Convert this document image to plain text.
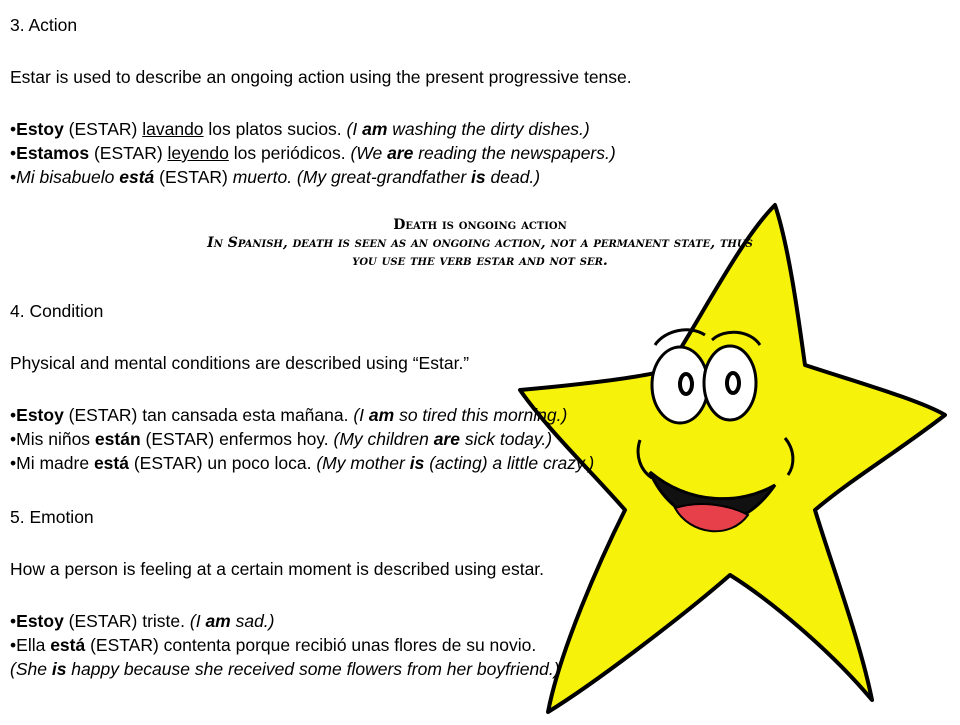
3. Action
Estar is used to describe an ongoing action using the present progressive tense.
•Estoy (ESTAR) lavando los platos sucios. (I am washing the dirty dishes.)
•Estamos (ESTAR) leyendo los periódicos. (We are reading the newspapers.)
•Mi bisabuelo está (ESTAR) muerto. (My great-grandfather is dead.)
Death is ongoing action
In Spanish, death is seen as an ongoing action, not a permanent state, thus
you use the verb estar and not ser.
4. Condition
Physical and mental conditions are described using “Estar.”
•Estoy (ESTAR) tan cansada esta mañana. (I am so tired this morning.)
•Mis niños están (ESTAR) enfermos hoy. (My children are sick today.)
•Mi madre está (ESTAR) un poco loca. (My mother is (acting) a little crazy.)
5. Emotion
How a person is feeling at a certain moment is described using estar.
•Estoy (ESTAR) triste. (I am sad.)
•Ella está (ESTAR) contenta porque recibió unas flores de su novio.
(She is happy because she received some flowers from her boyfriend.)
